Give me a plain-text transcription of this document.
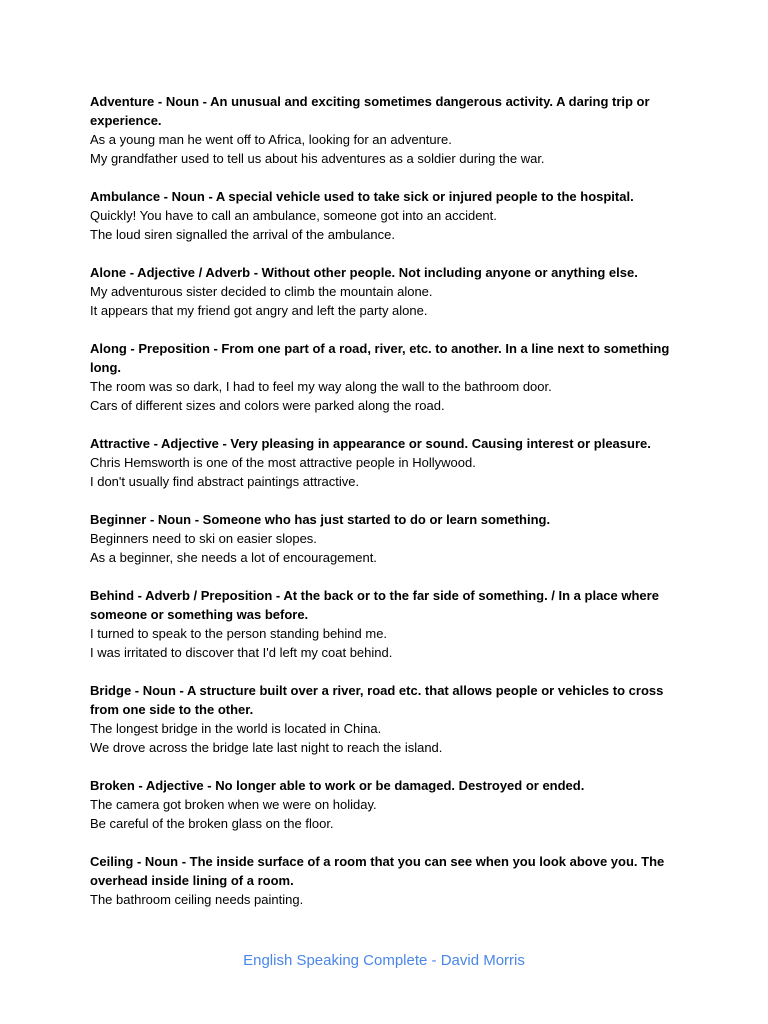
Adventure - Noun - An unusual and exciting sometimes dangerous activity. A daring trip or experience.

As a young man he went off to Africa, looking for an adventure.

My grandfather used to tell us about his adventures as a soldier during the war.

Ambulance - Noun - A special vehicle used to take sick or injured people to the hospital.

Quickly! You have to call an ambulance, someone got into an accident.

The loud siren signalled the arrival of the ambulance.

Alone - Adjective / Adverb - Without other people. Not including anyone or anything else.

My adventurous sister decided to climb the mountain alone.

It appears that my friend got angry and left the party alone.

Along - Preposition - From one part of a road, river, etc. to another. In a line next to something long.

The room was so dark, I had to feel my way along the wall to the bathroom door.

Cars of different sizes and colors were parked along the road.

Attractive - Adjective - Very pleasing in appearance or sound. Causing interest or pleasure.

Chris Hemsworth is one of the most attractive people in Hollywood.

I don't usually find abstract paintings attractive.

Beginner - Noun - Someone who has just started to do or learn something.

Beginners need to ski on easier slopes.

As a beginner, she needs a lot of encouragement.

Behind - Adverb / Preposition - At the back or to the far side of something. / In a place where someone or something was before.

I turned to speak to the person standing behind me.

I was irritated to discover that I'd left my coat behind.

Bridge - Noun - A structure built over a river, road etc. that allows people or vehicles to cross from one side to the other.

The longest bridge in the world is located in China.

We drove across the bridge late last night to reach the island.

Broken - Adjective - No longer able to work or be damaged. Destroyed or ended.

The camera got broken when we were on holiday.

Be careful of the broken glass on the floor.

Ceiling - Noun - The inside surface of a room that you can see when you look above you. The overhead inside lining of a room.

The bathroom ceiling needs painting.

English Speaking Complete - David Morris
